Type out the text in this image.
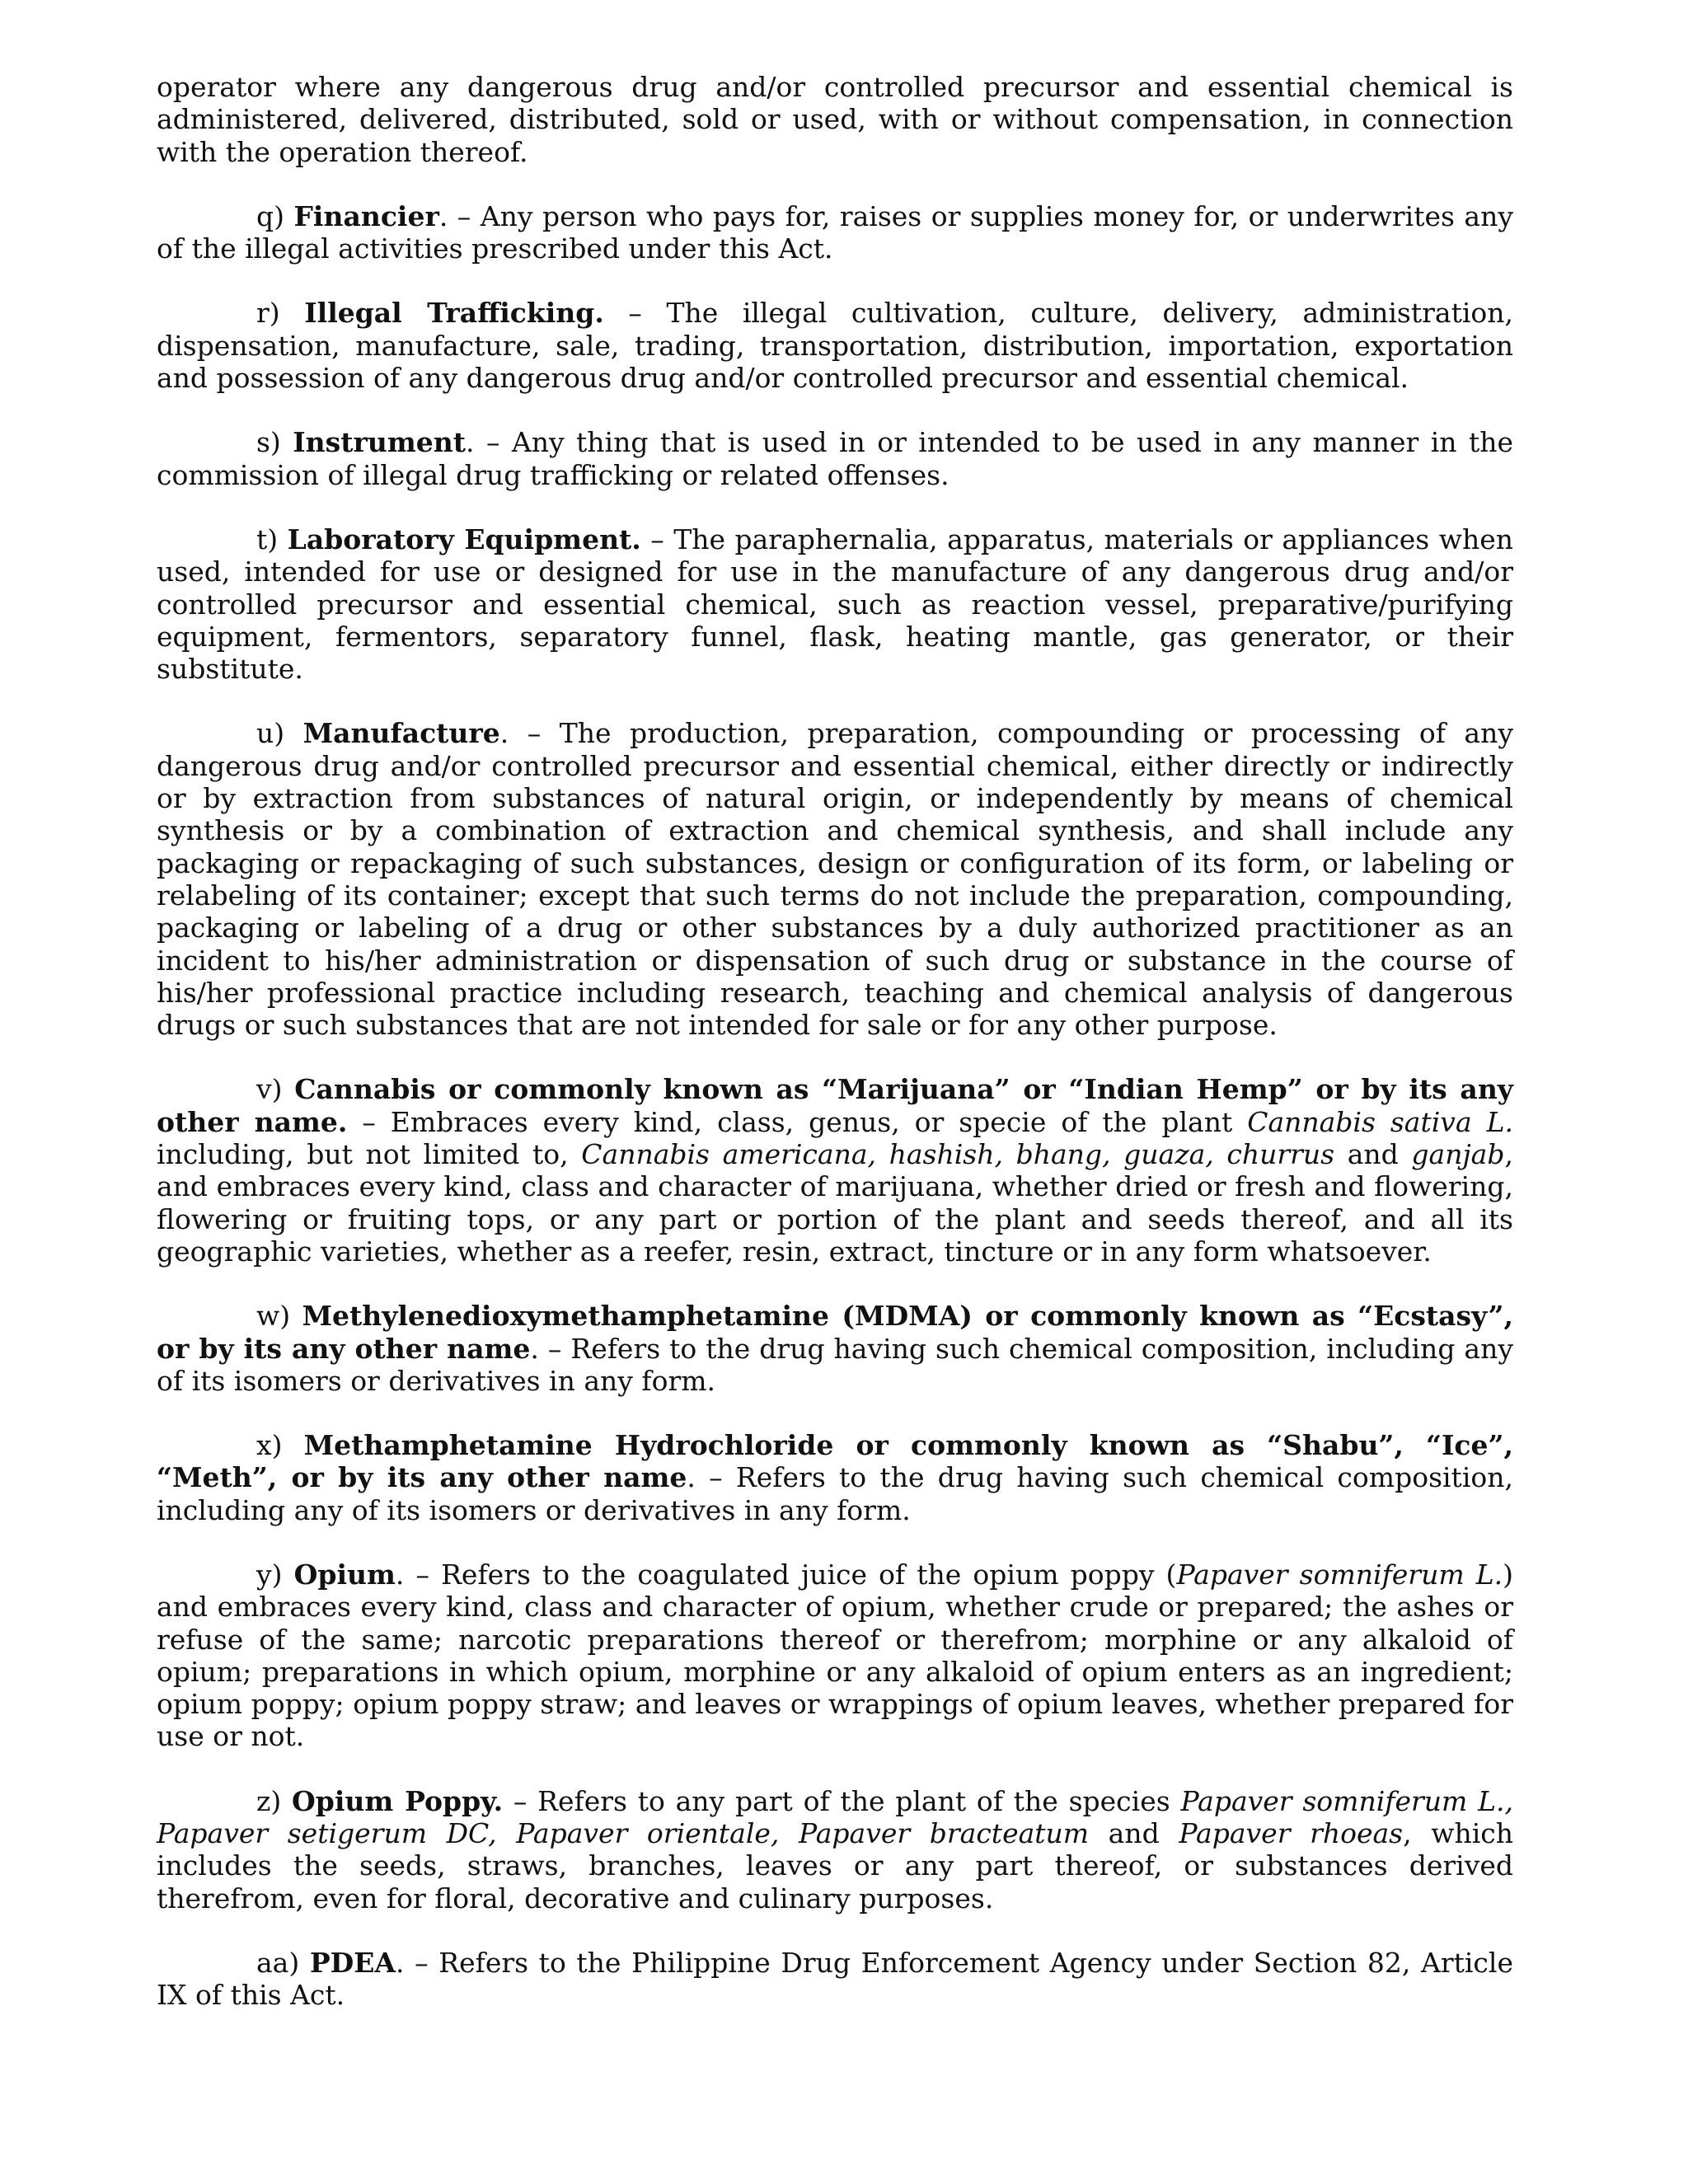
operator where any dangerous drug and/or controlled precursor and essential chemical is administered, delivered, distributed, sold or used, with or without compensation, in connection with the operation thereof.

q) Financier. – Any person who pays for, raises or supplies money for, or underwrites any of the illegal activities prescribed under this Act.

r) Illegal Trafficking. – The illegal cultivation, culture, delivery, administration, dispensation, manufacture, sale, trading, transportation, distribution, importation, exportation and possession of any dangerous drug and/or controlled precursor and essential chemical.

s) Instrument. – Any thing that is used in or intended to be used in any manner in the commission of illegal drug trafficking or related offenses.

t) Laboratory Equipment. – The paraphernalia, apparatus, materials or appliances when used, intended for use or designed for use in the manufacture of any dangerous drug and/or controlled precursor and essential chemical, such as reaction vessel, preparative/purifying equipment, fermentors, separatory funnel, flask, heating mantle, gas generator, or their substitute.

u) Manufacture. – The production, preparation, compounding or processing of any dangerous drug and/or controlled precursor and essential chemical, either directly or indirectly or by extraction from substances of natural origin, or independently by means of chemical synthesis or by a combination of extraction and chemical synthesis, and shall include any packaging or repackaging of such substances, design or configuration of its form, or labeling or relabeling of its container; except that such terms do not include the preparation, compounding, packaging or labeling of a drug or other substances by a duly authorized practitioner as an incident to his/her administration or dispensation of such drug or substance in the course of his/her professional practice including research, teaching and chemical analysis of dangerous drugs or such substances that are not intended for sale or for any other purpose.

v) Cannabis or commonly known as “Marijuana” or “Indian Hemp” or by its any other name. – Embraces every kind, class, genus, or specie of the plant Cannabis sativa L. including, but not limited to, Cannabis americana, hashish, bhang, guaza, churrus and ganjab, and embraces every kind, class and character of marijuana, whether dried or fresh and flowering, flowering or fruiting tops, or any part or portion of the plant and seeds thereof, and all its geographic varieties, whether as a reefer, resin, extract, tincture or in any form whatsoever.

w) Methylenedioxymethamphetamine (MDMA) or commonly known as “Ecstasy”, or by its any other name. – Refers to the drug having such chemical composition, including any of its isomers or derivatives in any form.

x) Methamphetamine Hydrochloride or commonly known as “Shabu”, “Ice”, “Meth”, or by its any other name. – Refers to the drug having such chemical composition, including any of its isomers or derivatives in any form.

y) Opium. – Refers to the coagulated juice of the opium poppy (Papaver somniferum L.) and embraces every kind, class and character of opium, whether crude or prepared; the ashes or refuse of the same; narcotic preparations thereof or therefrom; morphine or any alkaloid of opium; preparations in which opium, morphine or any alkaloid of opium enters as an ingredient; opium poppy; opium poppy straw; and leaves or wrappings of opium leaves, whether prepared for use or not.

z) Opium Poppy. – Refers to any part of the plant of the species Papaver somniferum L., Papaver setigerum DC, Papaver orientale, Papaver bracteatum and Papaver rhoeas, which includes the seeds, straws, branches, leaves or any part thereof, or substances derived therefrom, even for floral, decorative and culinary purposes.

aa) PDEA. – Refers to the Philippine Drug Enforcement Agency under Section 82, Article IX of this Act.
